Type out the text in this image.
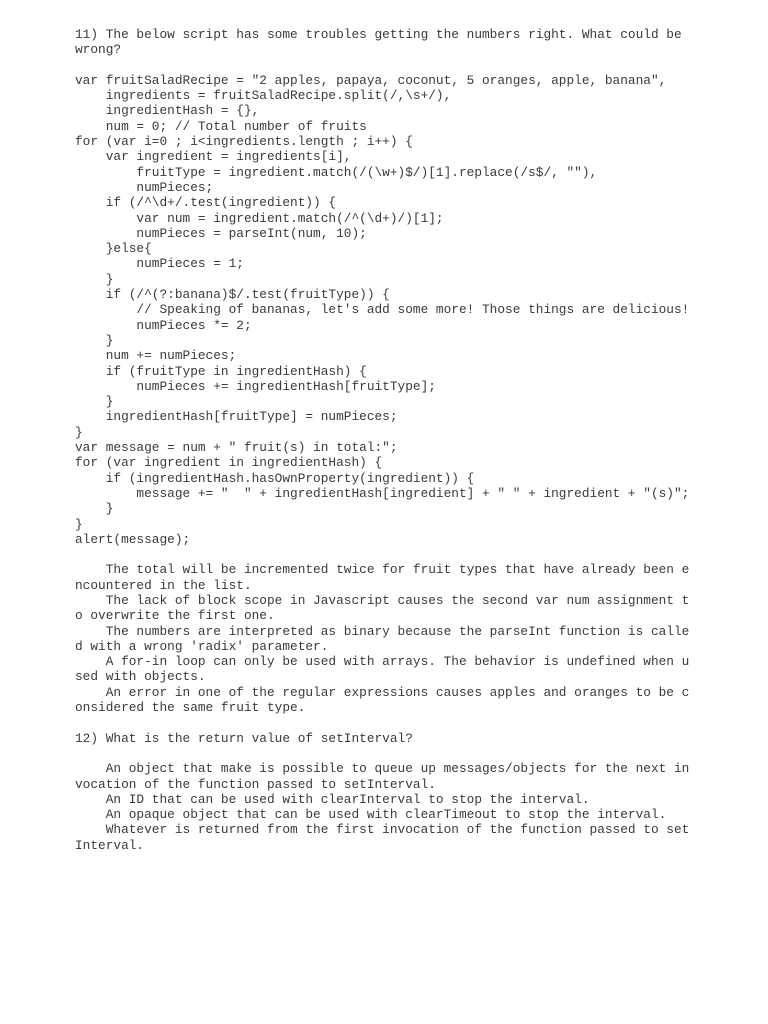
11) The below script has some troubles getting the numbers right. What could be
wrong?
var fruitSaladRecipe = "2 apples, papaya, coconut, 5 oranges, apple, banana",
ingredients = fruitSaladRecipe.split(/,\s+/),
ingredientHash = {},
num = 0; // Total number of fruits
for (var i=0 ; i<ingredients.length ; i++) {
var ingredient = ingredients[i],
fruitType = ingredient.match(/(\w+)$/)[1].replace(/s$/, ""),
numPieces;
if (/^\d+/.test(ingredient)) {
var num = ingredient.match(/^(\d+)/)[1];
numPieces = parseInt(num, 10);
}else{
numPieces = 1;
}
if (/^(?:banana)$/.test(fruitType)) {
// Speaking of bananas, let's add some more! Those things are delicious!
numPieces *= 2;
}
num += numPieces;
if (fruitType in ingredientHash) {
numPieces += ingredientHash[fruitType];
}
ingredientHash[fruitType] = numPieces;
}
var message = num + " fruit(s) in total:";
for (var ingredient in ingredientHash) {
if (ingredientHash.hasOwnProperty(ingredient)) {
message += "  " + ingredientHash[ingredient] + " " + ingredient + "(s)";
}
}
alert(message);
The total will be incremented twice for fruit types that have already been e
ncountered in the list.
The lack of block scope in Javascript causes the second var num assignment t
o overwrite the first one.
The numbers are interpreted as binary because the parseInt function is calle
d with a wrong 'radix' parameter.
A for-in loop can only be used with arrays. The behavior is undefined when u
sed with objects.
An error in one of the regular expressions causes apples and oranges to be c
onsidered the same fruit type.
12) What is the return value of setInterval?
An object that make is possible to queue up messages/objects for the next in
vocation of the function passed to setInterval.
An ID that can be used with clearInterval to stop the interval.
An opaque object that can be used with clearTimeout to stop the interval.
Whatever is returned from the first invocation of the function passed to set
Interval.
